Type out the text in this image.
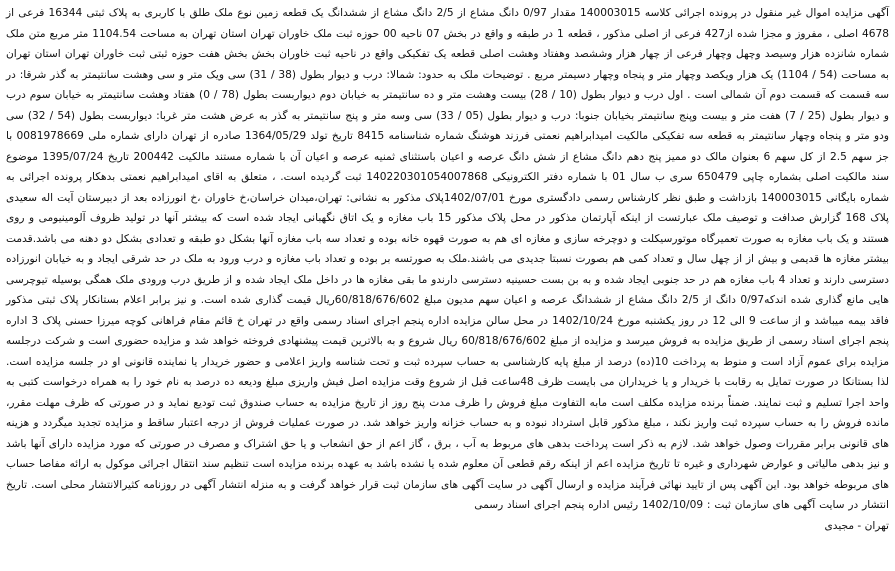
آگهی مزایده اموال غیر منقول در پرونده اجرائی کلاسه 140003015 مقدار 0/97 دانگ مشاع از 2/5 دانگ مشاع از ششدانگ یک قطعه زمین نوع ملک طلق با کاربری به پلاک ثبتی 16344 فرعی از 4678 اصلی ، مفروز و مجزا شده از427 فرعی از اصلی مذکور ، قطعه 1 در طبقه و واقع در بخش 07 ناحیه 00 حوزه ثبت ملک خاوران تهران استان تهران به مساحت 1104.54 متر مربع متن ملک شماره شانزده هزار وسیصد وچهل وچهار فرعی از چهار هزار وششصد وهفتاد وهشت اصلی قطعه یک تفکیکی واقع در ناحیه ثبت خاوران بخش بخش هفت حوزه ثبتی ثبت خاوران تهران استان تهران به مساحت (54 / 1104) یک هزار ویکصد وچهار متر و پنجاه وچهار دسیمتر مربع . توضیحات ملک به حدود: شمالا: درب و دیوار بطول (38 / 31) سی ویک متر و سی وهشت سانتیمتر به گذر شرقا: در سه قسمت که قسمت دوم آن شمالی است . اول درب و دیوار بطول (10 / 28) بیست وهشت متر و ده سانتیمتر به خیابان دوم دیواربست بطول (78 / 0) هفتاد وهشت سانتیمتر به خیابان سوم درب و دیوار بطول (25 / 7) هفت متر و بیست وپنج سانتیمتر بخیابان جنوبا: درب و دیوار بطول (05 / 33) سی وسه متر و پنج سانتیمتر به گذر به عرض هشت متر غربا: دیواربست بطول (54 / 32) سی ودو متر و پنجاه وچهار سانتیمتر به قطعه سه تفکیکی مالکیت امیدابراهیم نعمتی فرزند هوشنگ شماره شناسنامه 8415 تاریخ تولد 1364/05/29 صادره از تهران دارای شماره ملی 0081978669 با جز سهم 2.5 از کل سهم 6 بعنوان مالک دو ممیز پنج دهم دانگ مشاع از شش دانگ عرصه و اعیان باستثنای ثمنیه عرصه و اعیان آن با شماره مستند مالکیت 200442 تاریخ 1395/07/24 موضوع سند مالکیت اصلی بشماره چاپی 650479 سری ب سال 01 با شماره دفتر الکترونیکی 140220301054007868 ثبت گردیده است. ، متعلق به اقای امیدابراهیم نعمتی بدهکار پرونده اجرائی به شماره بایگانی 140003015 بازداشت و طبق نظر کارشناس رسمی دادگستری مورخ 1402/07/01پلاک مذکور به نشانی: تهران،میدان خراسان،خ خاوران ،خ انورزاده بعد از دبیرستان آیت اله سعیدی پلاک 168 گزارش صدافت و توصیف ملک عبارتست از اینکه آپارتمان مذکور در محل پلاک مذکور 15 باب مغازه و یک اتاق نگهبانی ایجاد شده است که بیشتر آنها در تولید ظروف آلومینیومی و روی هستند و یک باب مغازه به صورت تعمیرگاه موتورسیکلت و دوچرخه سازی و مغازه ای هم به صورت قهوه خانه بوده و تعداد سه باب مغازه آنها بشکل دو طبقه و تعدادی بشکل دو دهنه می باشد.قدمت بیشتر مغازه ها قدیمی و بیش از از چهل سال و تعداد کمی هم بصورت نسبتا جدیدی می باشند.ملک به صورتسه بر بوده و تعداد باب مغازه و درب ورود به ملک در حد شرقی ایجاد و به خیابان انورزاده دسترسی دارند و تعداد 4 باب مغازه هم در حد جنوبی ایجاد شده و به بن بست حسینیه دسترسی دارندو ما بقی مغازه ها در داخل ملک ایجاد شده و از طریق درب ورودی ملک همگی بوسیله تیوچرسی هایی مانع گذاری شده اندکه0/97 دانگ از 2/5 دانگ مشاع از ششدانگ عرصه و اعیان سهم مدیون مبلغ 60/818/676/602ریال قیمت گذاری شده است. و نیز برابر اعلام بستانکار پلاک ثبتی مذکور فاقد بیمه میباشد و از ساعت 9 الی 12 در روز یکشنبه مورخ 1402/10/24 در محل سالن مزایده اداره پنجم اجرای اسناد رسمی واقع در تهران خ قائم مقام فراهانی کوچه میرزا حسنی پلاک 3 اداره پنجم اجرای اسناد رسمی از طریق مزایده به فروش میرسد و مزایده از مبلغ 60/818/676/602 ریال شروع و به بالاترین قیمت پیشنهادی فروخته خواهد شد و مزایده حضوری است و شرکت درجلسه مزایده برای عموم آزاد است و منوط به پرداخت 10(ده) درصد از مبلغ پایه کارشناسی به حساب سپرده ثبت و تحت شناسه واریز اعلامی و حضور خریدار یا نماینده قانونی او در جلسه مزایده است. لذا بستانکا در صورت تمایل به رقابت با خریدار و یا خریداران می بایست ظرف 48ساعت قبل از شروع وقت مزایده اصل فیش واریزی مبلغ ودیعه ده درصد به نام خود را به همراه درخواست کتبی به واحد اجرا تسلیم و ثبت نمایند. ضمناً برنده مزایده مکلف است مابه التفاوت مبلغ فروش را ظرف مدت پنج روز از تاریخ مزایده به حساب صندوق ثبت تودیع نماید و در صورتی که ظرف مهلت مقرر، مانده فروش را به حساب سپرده ثبت واریز نکند ، مبلغ مذکور قابل استرداد نبوده و به حساب خزانه واریز خواهد شد. در صورت عملیات فروش از درجه اعتبار ساقط و مزایده تجدید میگردد و هزینه های قانونی برابر مقررات وصول خواهد شد. لازم به ذکر است پرداخت بدهی های مربوط به آب ، برق ، گاز اعم از حق انشعاب و یا حق اشتراک و مصرف در صورتی که مورد مزایده دارای آنها باشد و نیز بدهی مالیاتی و عوارض شهرداری و غیره تا تاریخ مزایده اعم از اینکه رقم قطعی آن معلوم شده یا نشده باشد به عهده برنده مزایده است تنظیم سند انتقال اجرائی موکول به ارائه مفاصا حساب های مربوطه خواهد بود. این آگهی پس از تایید نهائی فرآیند مزایده و ارسال آگهی در سایت آگهی های سازمان ثبت قرار خواهد گرفت و به منزله انتشار آگهی در روزنامه کثیرالانتشار محلی است. تاریخ انتشار در سایت آگهی های سازمان ثبت : 1402/10/09 رئیس اداره پنجم اجرای اسناد رسمی

تهران - مجیدی
